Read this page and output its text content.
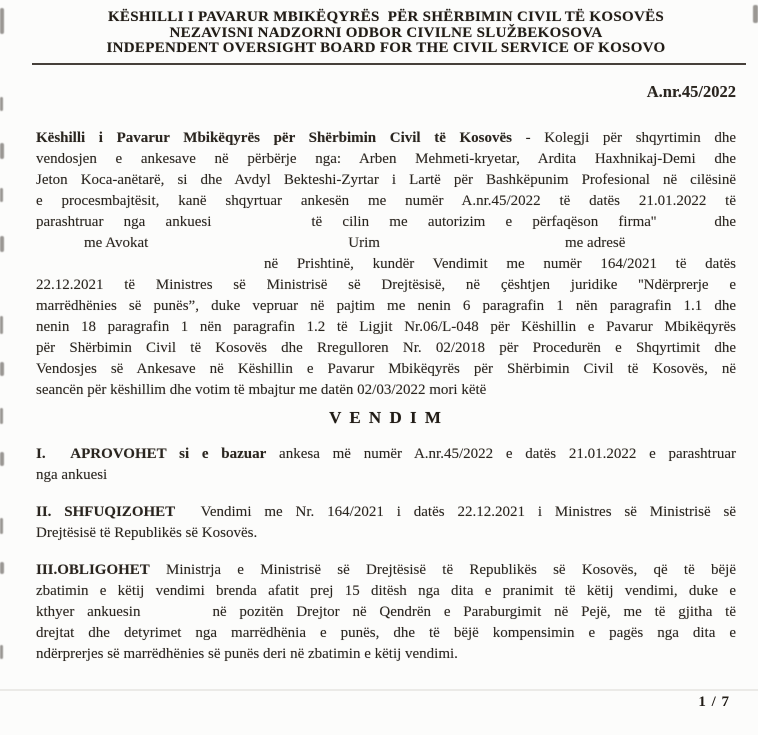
KËSHILLI I PAVARUR MBIKËQYRËS  PËR SHËRBIMIN CIVIL TË KOSOVËS
NEZAVISNI NADZORNI ODBOR CIVILNE SLUŽBEKOSOVA
INDEPENDENT OVERSIGHT BOARD FOR THE CIVIL SERVICE OF KOSOVO
A.nr.45/2022
Këshilli i Pavarur Mbikëqyrës për Shërbimin Civil të Kosovës - Kolegji për shqyrtimin dhe
vendosjen e ankesave në përbërje nga: Arben Mehmeti-kryetar, Ardita Haxhnikaj-Demi dhe
Jeton Koca-anëtarë, si dhe Avdyl Bekteshi-Zyrtar i Lartë për Bashkëpunim Profesional në cilësinë
e procesmbajtësit, kanë shqyrtuar ankesën me numër A.nr.45/2022 të datës 21.01.2022 të
parashtruar nga ankuesi	të cilin me autorizim e përfaqëson firma''	dhe
me Avokat	Urim	me adresë
në Prishtinë, kundër Vendimit me numër 164/2021 të datës
22.12.2021 të Ministres së Ministrisë së Drejtësisë, në çështjen juridike ''Ndërprerje e
marrëdhënies së punës”, duke vepruar në pajtim me nenin 6 paragrafin 1 nën paragrafin 1.1 dhe
nenin 18 paragrafin 1 nën paragrafin 1.2 të Ligjit Nr.06/L-048 për Këshillin e Pavarur Mbikëqyrës
për Shërbimin Civil të Kosovës dhe Rregulloren Nr. 02/2018 për Procedurën e Shqyrtimit dhe
Vendosjes së Ankesave në Këshillin e Pavarur Mbikëqyrës për Shërbimin Civil të Kosovës, në
seancën për këshillim dhe votim të mbajtur me datën 02/03/2022 mori këtë
V E N D I M
I.  APROVOHET si e bazuar ankesa më numër A.nr.45/2022 e datës 21.01.2022 e parashtruar
nga ankuesi
II. SHFUQIZOHET  Vendimi me Nr. 164/2021 i datës 22.12.2021 i Ministres së Ministrisë së
Drejtësisë të Republikës së Kosovës.
III.OBLIGOHET Ministrja e Ministrisë së Drejtësisë të Republikës së Kosovës, që të bëjë
zbatimin e këtij vendimi brenda afatit prej 15 ditësh nga dita e pranimit të këtij vendimi, duke e
kthyer ankuesin	në pozitën Drejtor në Qendrën e Paraburgimit në Pejë, me të gjitha të
drejtat dhe detyrimet nga marrëdhënia e punës, dhe të bëjë kompensimin e pagës nga dita e
ndërprerjes së marrëdhënies së punës deri në zbatimin e këtij vendimi.
1 / 7
